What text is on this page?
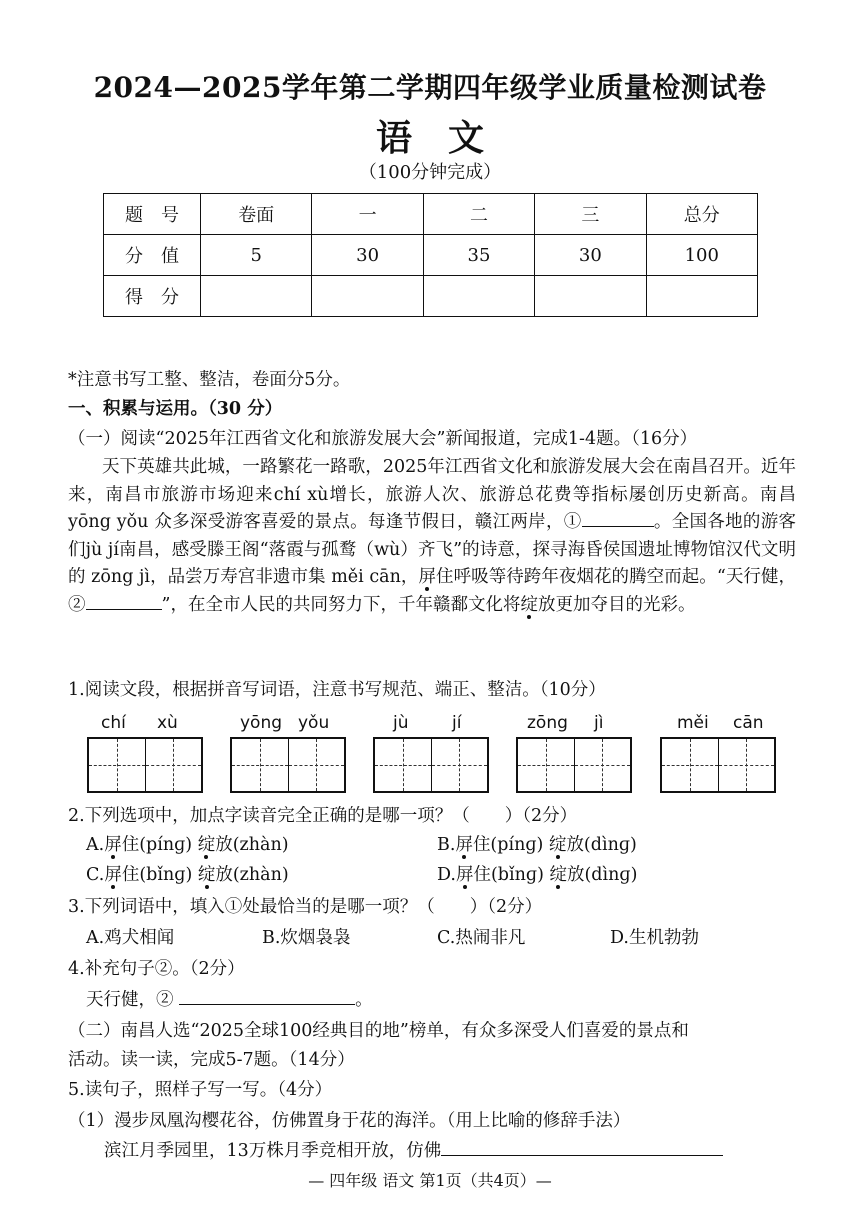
2024—2025学年第二学期四年级学业质量检测试卷
语文
（100分钟完成）
题　号	卷面	一	二	三	总分
分　值	5	30	35	30	100
得　分					
*注意书写工整、整洁，卷面分5分。
一、积累与运用。（30 分）
（一）阅读“2025年江西省文化和旅游发展大会”新闻报道，完成1-4题。（16分）

天下英雄共此城，一路繁花一路歌，2025年江西省文化和旅游发展大会在南昌召开。近年来，南昌市旅游市场迎来chí xù增长，旅游人次、旅游总花费等指标屡创历史新高。南昌 yōng yǒu 众多深受游客喜爱的景点。每逢节假日，赣江两岸，①	。全国各地的游客们jù jí南昌，感受滕王阁“落霞与孤鹜（wù）齐飞”的诗意，探寻海昏侯国遗址博物馆汉代文明的 zōng jì，品尝万寿宫非遗市集 měi cān，屏住呼吸等待跨年夜烟花的腾空而起。“天行健，②	”，在全市人民的共同努力下，千年赣鄱文化将绽放更加夺目的光彩。

1.阅读文段，根据拼音写词语，注意书写规范、端正、整洁。（10分）
chí xù	yōng yǒu	jù	jí	zōng jì	měi cān
2.下列选项中，加点字读音完全正确的是哪一项？（　　）（2分）
A.屏住(pínɡ) 绽放(zhàn)	B.屏住(pínɡ) 绽放(dìnɡ)
C.屏住(bǐnɡ) 绽放(zhàn)	D.屏住(bǐnɡ) 绽放(dìnɡ)
3.下列词语中，填入①处最恰当的是哪一项？（　　）（2分）
A.鸡犬相闻	B.炊烟袅袅	C.热闹非凡	D.生机勃勃
4.补充句子②。（2分）
天行健，②	。
（二）南昌人选“2025全球100经典目的地”榜单，有众多深受人们喜爱的景点和
活动。读一读，完成5-7题。（14分）
5.读句子，照样子写一写。（4分）
（1）漫步凤凰沟樱花谷，仿佛置身于花的海洋。（用上比喻的修辞手法）
滨江月季园里，13万株月季竞相开放，仿佛
— 四年级 语文 第1页（共4页）—
